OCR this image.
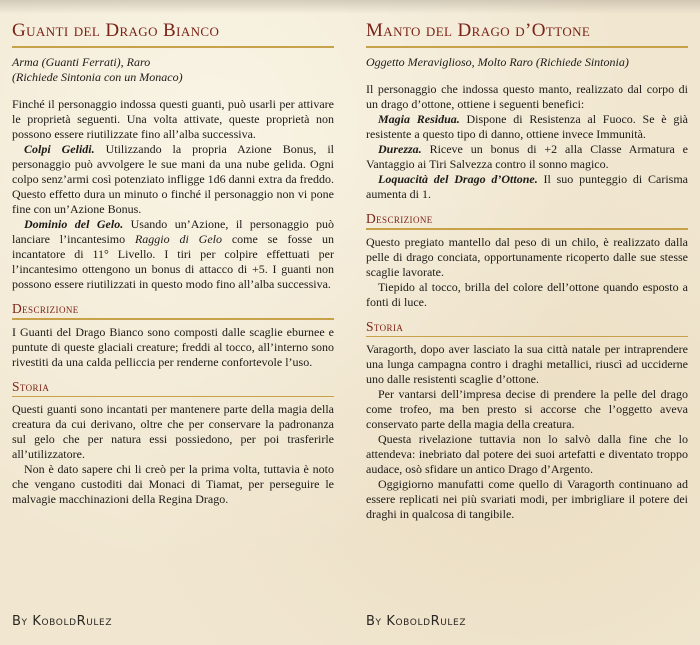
Guanti del Drago Bianco

Arma (Guanti Ferrati), Raro
(Richiede Sintonia con un Monaco)

Finché il personaggio indossa questi guanti, può usarli per attivare le proprietà seguenti. Una volta attivate, queste proprietà non possono essere riutilizzate fino all’alba successiva.

Colpi Gelidi. Utilizzando la propria Azione Bonus, il personaggio può avvolgere le sue mani da una nube gelida. Ogni colpo senz’armi così potenziato infligge 1d6 danni extra da freddo. Questo effetto dura un minuto o finché il personaggio non vi pone fine con un’Azione Bonus.

Dominio del Gelo. Usando un’Azione, il personaggio può lanciare l’incantesimo Raggio di Gelo come se fosse un incantatore di 11° Livello. I tiri per colpire effettuati per l’incantesimo ottengono un bonus di attacco di +5. I guanti non possono essere riutilizzati in questo modo fino all’alba successiva.

Descrizione

I Guanti del Drago Bianco sono composti dalle scaglie eburnee e puntute di queste glaciali creature; freddi al tocco, all’interno sono rivestiti da una calda pelliccia per renderne confortevole l’uso.

Storia

Questi guanti sono incantati per mantenere parte della magia della creatura da cui derivano, oltre che per conservare la padronanza sul gelo che per natura essi possiedono, per poi trasferirle all’utilizzatore.

Non è dato sapere chi li creò per la prima volta, tuttavia è noto che vengano custoditi dai Monaci di Tiamat, per perseguire le malvagie macchinazioni della Regina Drago.

Manto del Drago d’Ottone

Oggetto Meraviglioso, Molto Raro (Richiede Sintonia)

Il personaggio che indossa questo manto, realizzato dal corpo di un drago d’ottone, ottiene i seguenti benefici:

Magia Residua. Dispone di Resistenza al Fuoco. Se è già resistente a questo tipo di danno, ottiene invece Immunità.

Durezza. Riceve un bonus di +2 alla Classe Armatura e Vantaggio ai Tiri Salvezza contro il sonno magico.

Loquacità del Drago d’Ottone. Il suo punteggio di Carisma aumenta di 1.

Descrizione

Questo pregiato mantello dal peso di un chilo, è realizzato dalla pelle di drago conciata, opportunamente ricoperto dalle sue stesse scaglie lavorate.

Tiepido al tocco, brilla del colore dell’ottone quando esposto a fonti di luce.

Storia

Varagorth, dopo aver lasciato la sua città natale per intraprendere una lunga campagna contro i draghi metallici, riuscì ad ucciderne uno dalle resistenti scaglie d’ottone.

Per vantarsi dell’impresa decise di prendere la pelle del drago come trofeo, ma ben presto si accorse che l’oggetto aveva conservato parte della magia della creatura.

Questa rivelazione tuttavia non lo salvò dalla fine che lo attendeva: inebriato dal potere dei suoi artefatti e diventato troppo audace, osò sfidare un antico Drago d’Argento.

Oggigiorno manufatti come quello di Varagorth continuano ad essere replicati nei più svariati modi, per imbrigliare il potere dei draghi in qualcosa di tangibile.

By KoboldRulez	By KoboldRulez
